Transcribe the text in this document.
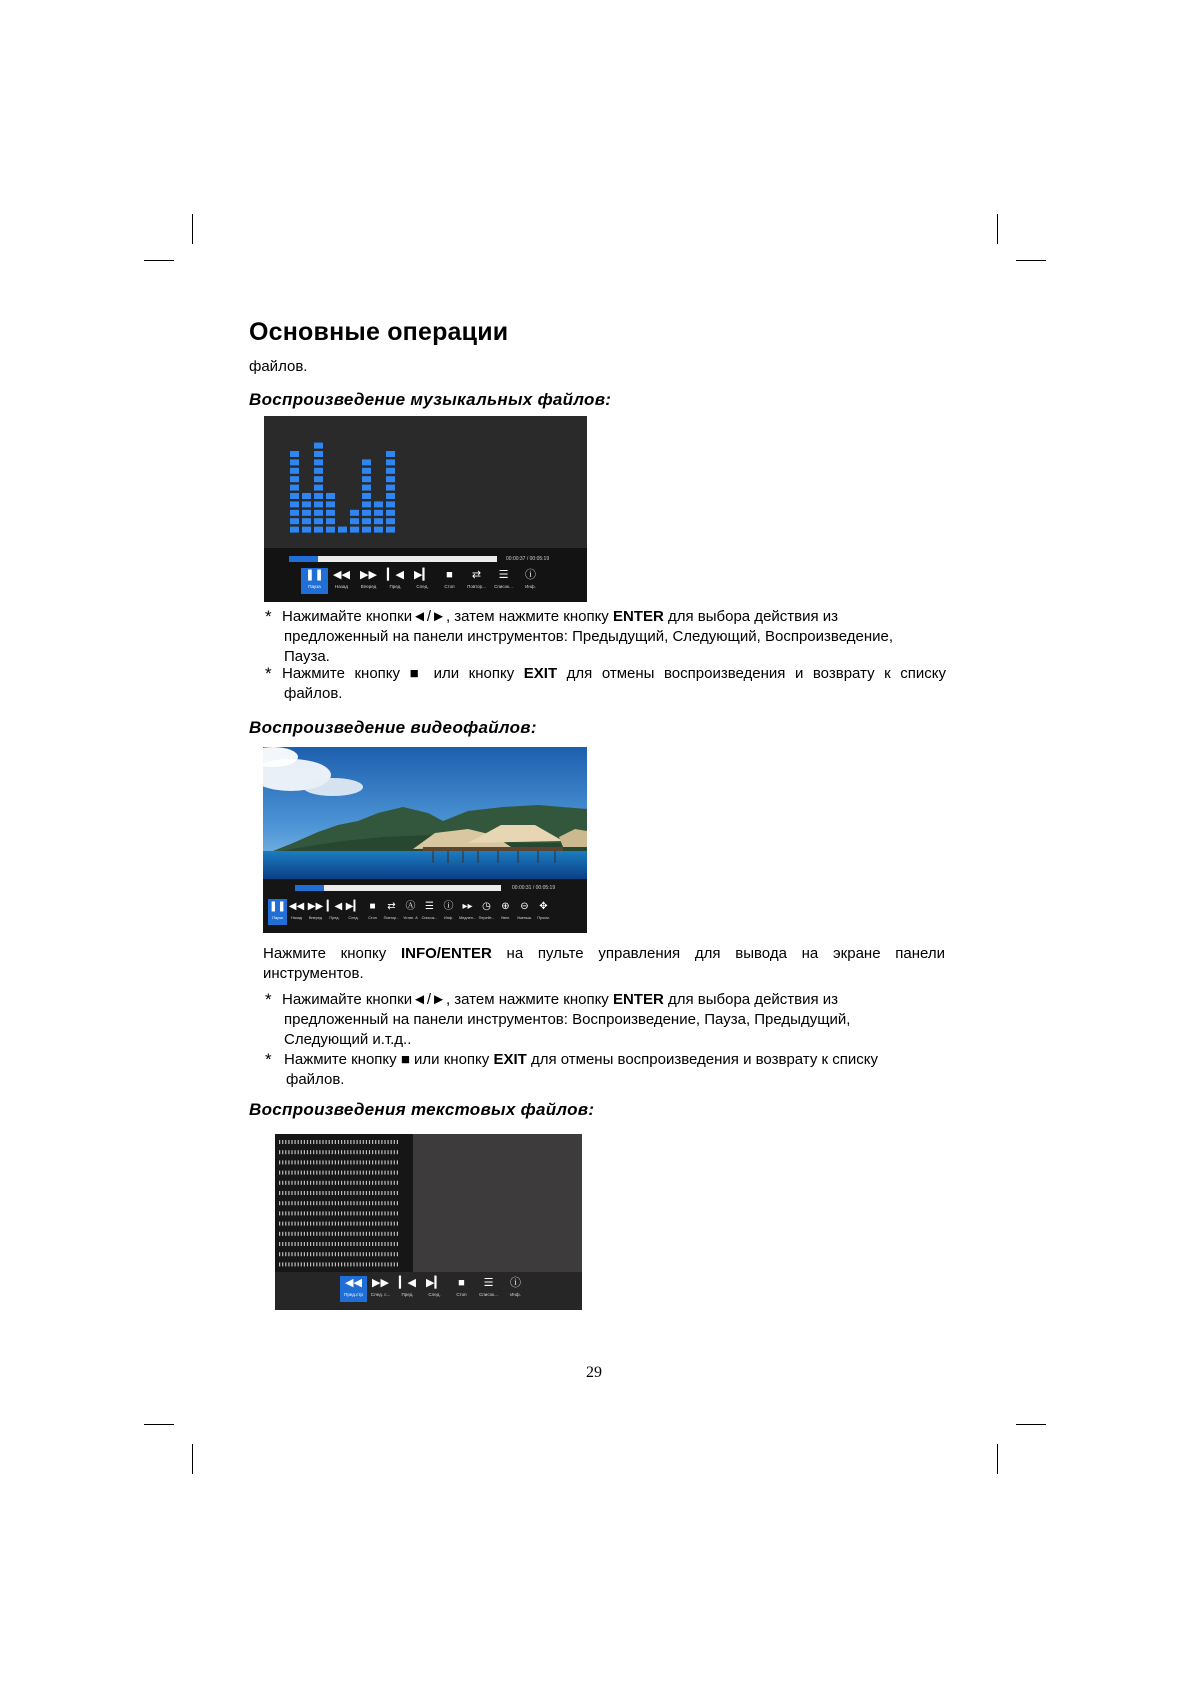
Основные операции
файлов.
Воспроизведение музыкальных файлов:
00:00:37 / 00:05:19
❚❚
Пауза
◀◀
Назад
▶▶
Вперед
▎◀
Пред.
▶▎
След.
■
Стоп
⇄
Повтор...
☰
Список...
ⓘ
Инф.
* Нажимайте кнопки◄/►, затем нажмите кнопку ENTER для выбора действия из
предложенный на панели инструментов: Предыдущий, Следующий, Воспроизведение,
Пауза.
* Нажмите кнопку ■ или кнопку EXIT для отмены воспроизведения и возврату к списку
файлов.
Воспроизведение видеофайлов:
00:00:31 / 00:05:19
❚❚
Пауза
◀◀
Назад
▶▶
Вперед
▎◀
Пред.
▶▎
След.
■
Стоп
⇄
Повтор...
Ⓐ
Устан. А
☰
Список...
ⓘ
Инф.
▸▸
Медлен...
◷
Перейт...
⊕
Увел.
⊖
Уменьш.
✥
Просм.
Нажмите кнопку INFO/ENTER на пульте управления для вывода на экране панели
инструментов.
* Нажимайте кнопки◄/►, затем нажмите кнопку ENTER для выбора действия из
предложенный на панели инструментов: Воспроизведение, Пауза, Предыдущий,
Следующий и.т.д..
* Нажмите кнопку ■ или кнопку EXIT для отмены воспроизведения и возврату к списку
файлов.
Воспроизведения текстовых файлов:
◀◀
Пред.стр
▶▶
След. с...
▎◀
Пред.
▶▎
След.
■
Стоп
☰
Список...
ⓘ
Инф.
29
